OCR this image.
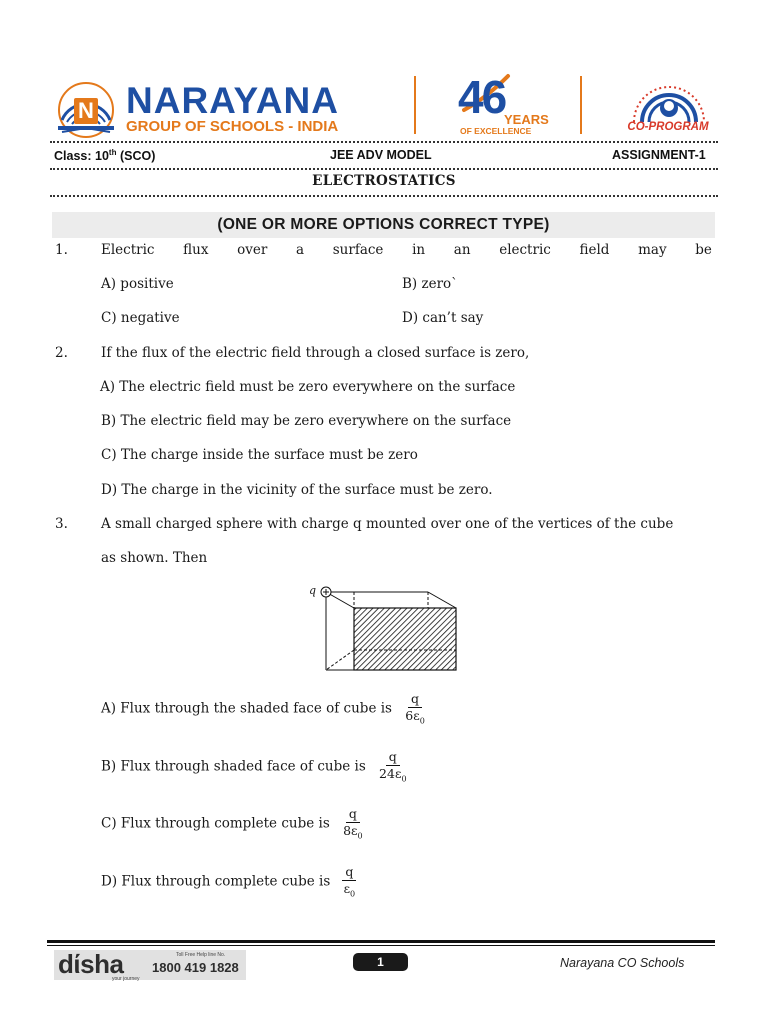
N NARAYANA
GROUP OF SCHOOLS - INDIA
46
YEARS
OF EXCELLENCE	CO-PROGRAM
Class: 10th (SCO)	JEE ADV MODEL	ASSIGNMENT-1
ELECTROSTATICS
(ONE OR MORE OPTIONS CORRECT TYPE)
1. Electric flux over a surface in an electric field may be
A) positive	B) zero`
C) negative	D) can’t say
2. If the flux of the electric field through a closed surface is zero,
A) The electric field must be zero everywhere on the surface
B) The electric field may be zero everywhere on the surface
C) The charge inside the surface must be zero
D) The charge in the vicinity of the surface must be zero.
3. A small charged sphere with charge q mounted over one of the vertices of the cube
as shown. Then
q
A) Flux through the shaded face of cube is $\frac{q}{6\varepsilon_0}$
B) Flux through shaded face of cube is $\frac{q}{24\varepsilon_0}$
C) Flux through complete cube is $\frac{q}{8\varepsilon_0}$
D) Flux through complete cube is $\frac{q}{\varepsilon_0}$
dίsha	Toll Free Help line No.
1800 419 1828
your journey
1	Narayana CO Schools
